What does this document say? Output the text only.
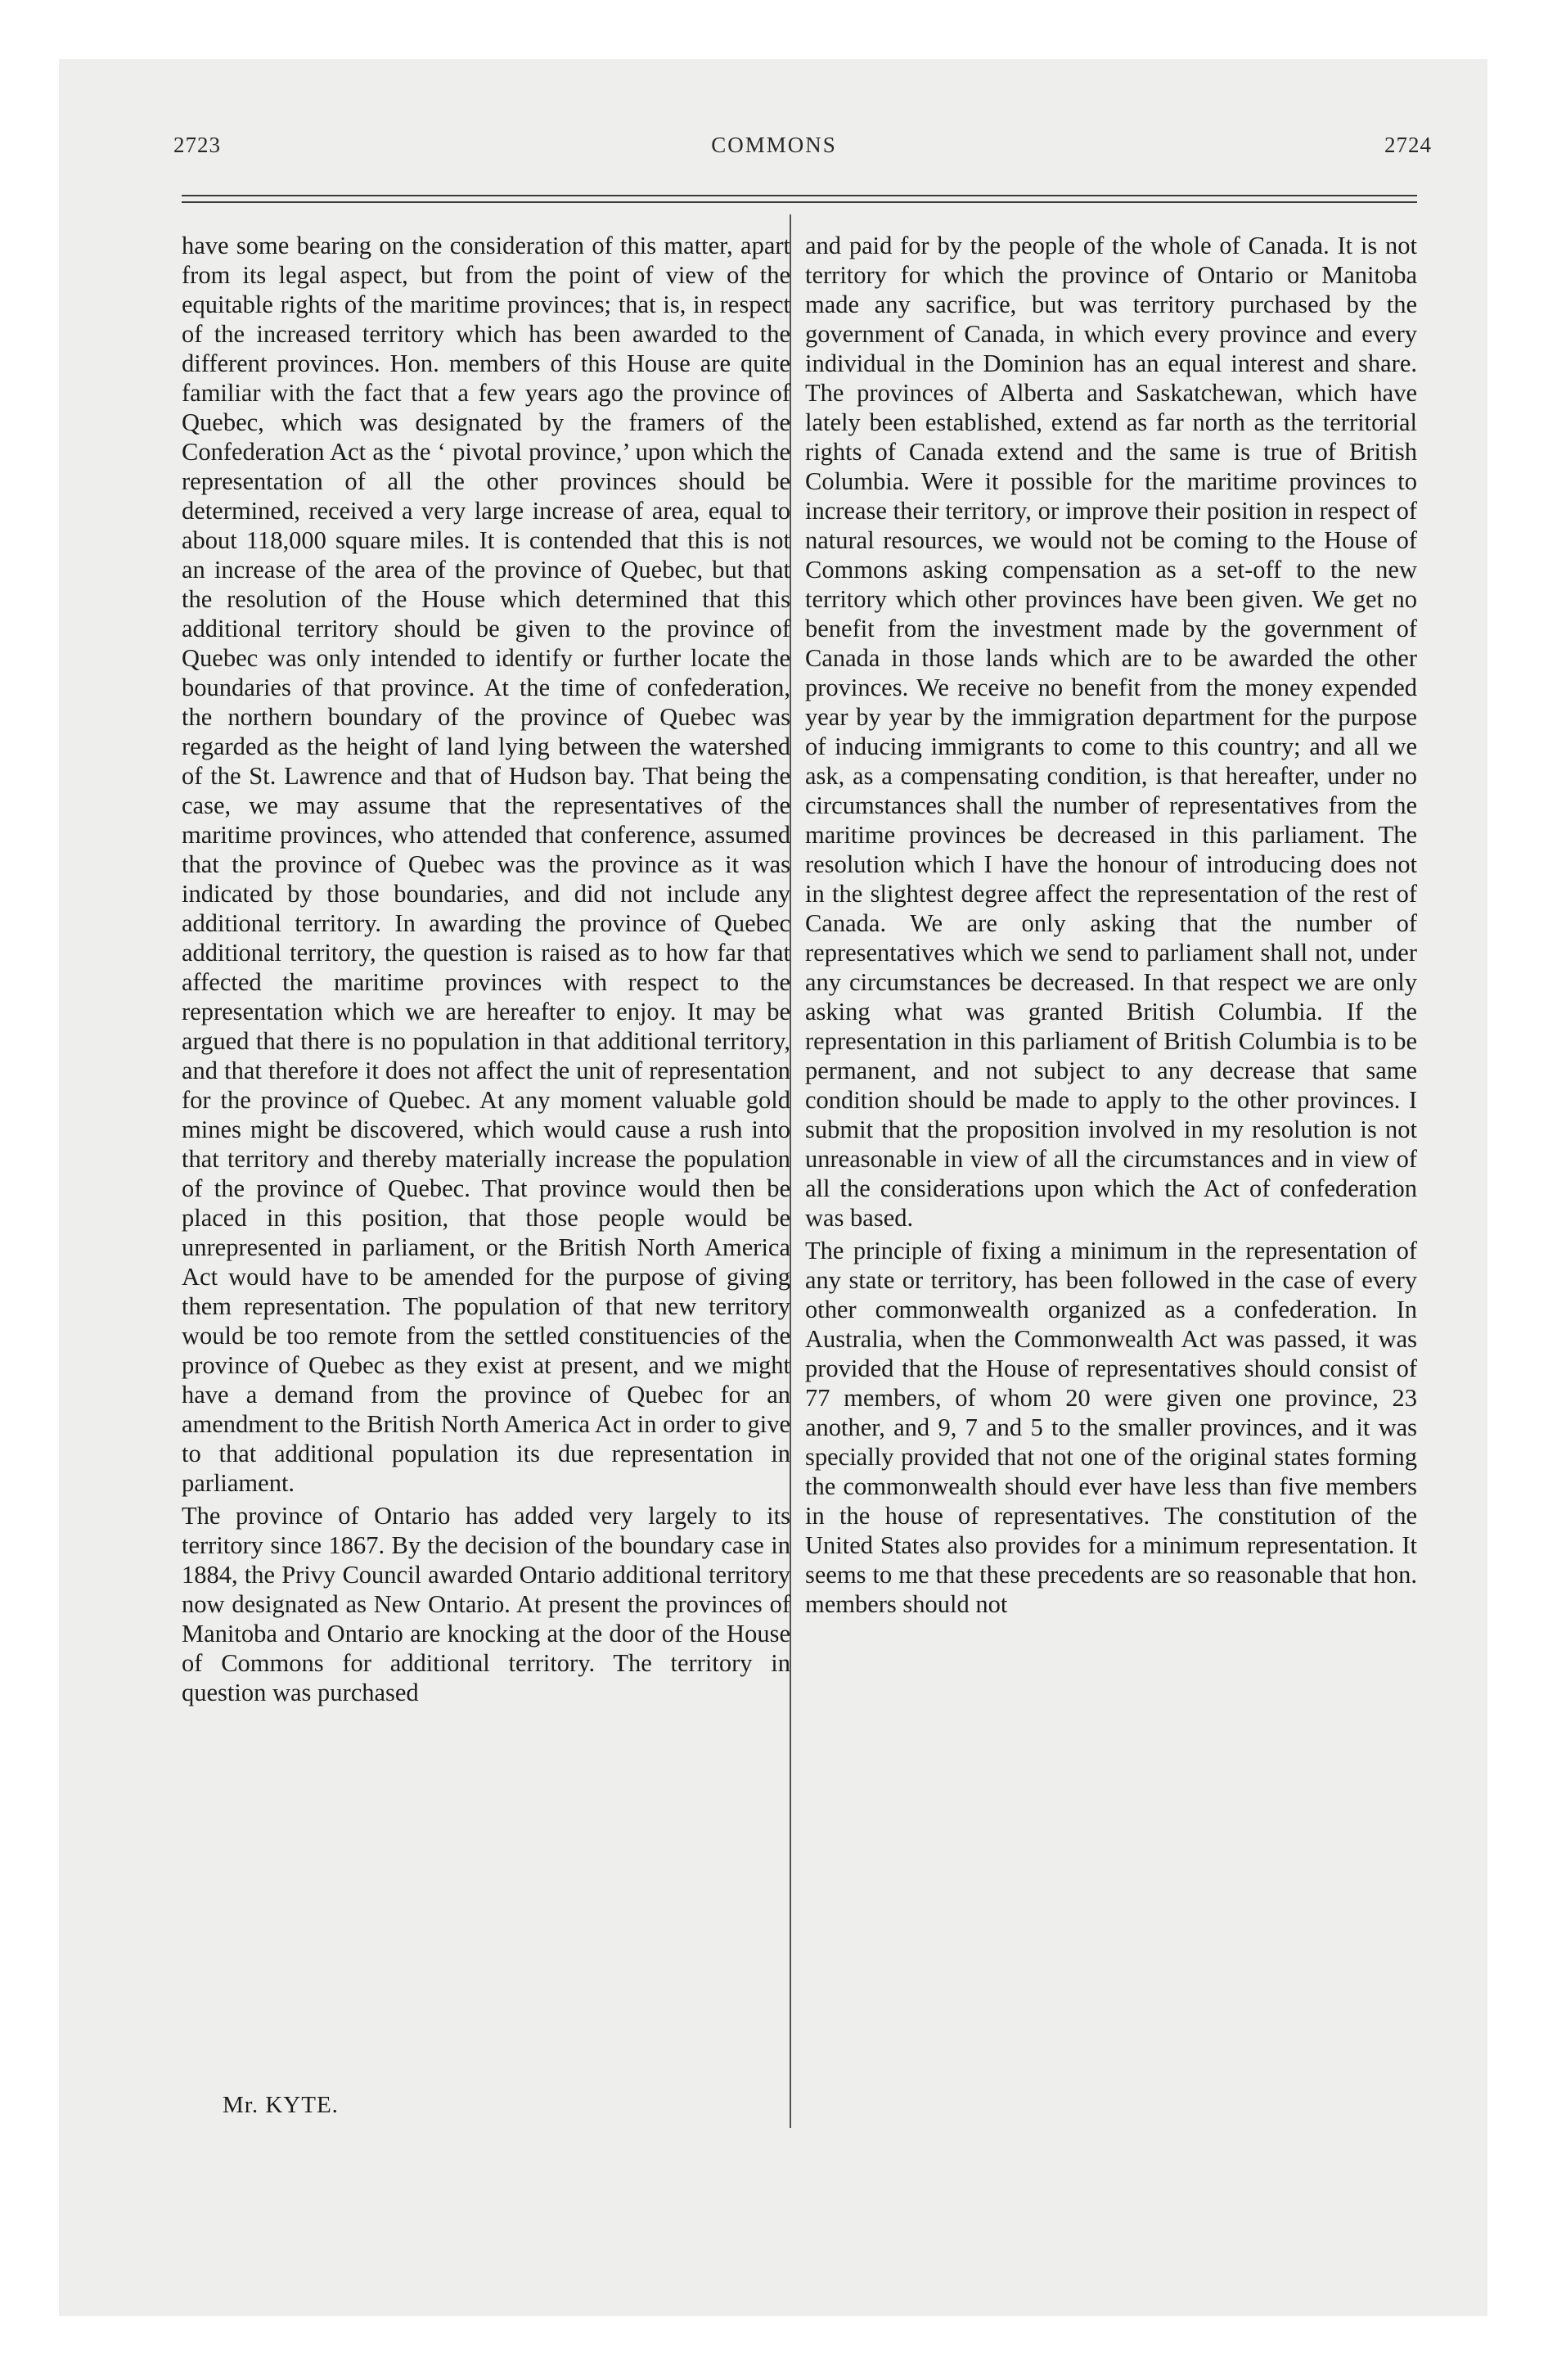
2723	COMMONS	2724

have some bearing on the consideration of this matter, apart from its legal aspect, but from the point of view of the equitable rights of the maritime provinces; that is, in respect of the increased territory which has been awarded to the different provinces. Hon. members of this House are quite familiar with the fact that a few years ago the province of Quebec, which was designated by the framers of the Confederation Act as the ‘ pivotal province,’ upon which the representation of all the other provinces should be determined, received a very large increase of area, equal to about 118,000 square miles. It is contended that this is not an increase of the area of the province of Quebec, but that the resolution of the House which determined that this additional territory should be given to the province of Quebec was only intended to identify or further locate the boundaries of that province. At the time of confederation, the northern boundary of the province of Quebec was regarded as the height of land lying between the watershed of the St. Lawrence and that of Hudson bay. That being the case, we may assume that the representatives of the maritime provinces, who attended that conference, assumed that the province of Quebec was the province as it was indicated by those boundaries, and did not include any additional territory. In awarding the province of Quebec additional territory, the question is raised as to how far that affected the maritime provinces with respect to the representation which we are hereafter to enjoy. It may be argued that there is no population in that additional territory, and that therefore it does not affect the unit of representation for the province of Quebec. At any moment valuable gold mines might be discovered, which would cause a rush into that territory and thereby materially increase the population of the province of Quebec. That province would then be placed in this position, that those people would be unrepresented in parliament, or the British North America Act would have to be amended for the purpose of giving them representation. The population of that new territory would be too remote from the settled constituencies of the province of Quebec as they exist at present, and we might have a demand from the province of Quebec for an amendment to the British North America Act in order to give to that additional population its due representation in parliament.

The province of Ontario has added very largely to its territory since 1867. By the decision of the boundary case in 1884, the Privy Council awarded Ontario additional territory now designated as New Ontario. At present the provinces of Manitoba and Ontario are knocking at the door of the House of Commons for additional territory. The territory in question was purchased

and paid for by the people of the whole of Canada. It is not territory for which the province of Ontario or Manitoba made any sacrifice, but was territory purchased by the government of Canada, in which every province and every individual in the Dominion has an equal interest and share. The provinces of Alberta and Saskatchewan, which have lately been established, extend as far north as the territorial rights of Canada extend and the same is true of British Columbia. Were it possible for the maritime provinces to increase their territory, or improve their position in respect of natural resources, we would not be coming to the House of Commons asking compensation as a set-off to the new territory which other provinces have been given. We get no benefit from the investment made by the government of Canada in those lands which are to be awarded the other provinces. We receive no benefit from the money expended year by year by the immigration department for the purpose of inducing immigrants to come to this country; and all we ask, as a compensating condition, is that hereafter, under no circumstances shall the number of representatives from the maritime provinces be decreased in this parliament. The resolution which I have the honour of introducing does not in the slightest degree affect the representation of the rest of Canada. We are only asking that the number of representatives which we send to parliament shall not, under any circumstances be decreased. In that respect we are only asking what was granted British Columbia. If the representation in this parliament of British Columbia is to be permanent, and not subject to any decrease that same condition should be made to apply to the other provinces. I submit that the proposition involved in my resolution is not unreasonable in view of all the circumstances and in view of all the considerations upon which the Act of confederation was based.

The principle of fixing a minimum in the representation of any state or territory, has been followed in the case of every other commonwealth organized as a confederation. In Australia, when the Commonwealth Act was passed, it was provided that the House of representatives should consist of 77 members, of whom 20 were given one province, 23 another, and 9, 7 and 5 to the smaller provinces, and it was specially provided that not one of the original states forming the commonwealth should ever have less than five members in the house of representatives. The constitution of the United States also provides for a minimum representation. It seems to me that these precedents are so reasonable that hon. members should not

Mr. KYTE.
